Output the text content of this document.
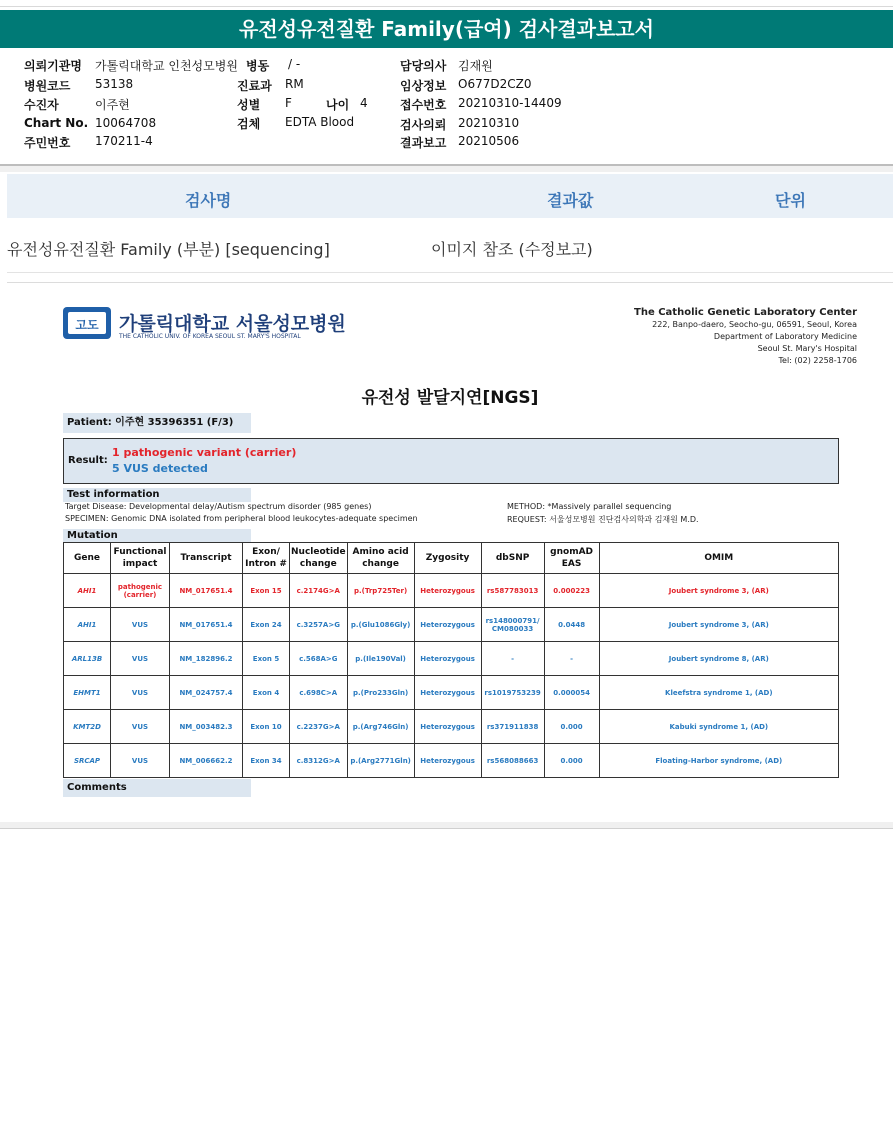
유전성유전질환 Family(급여) 검사결과보고서
의뢰기관명 가톨릭대학교 인천성모병원
병원코드 53138
수진자	이주현
Chart No. 10064708
주민번호 170211-4
병동 / -
진료과 RM
성별 F	나이 4
검체 EDTA Blood
담당의사 김재원
임상정보 O677D2CZ0
접수번호 20210310-14409
검사의뢰 20210310
결과보고 20210506
검사명	결과값	단위
유전성유전질환 Family (부분) [sequencing]	이미지 참조 (수정보고)
고도 가톨릭대학교 서울성모병원
THE CATHOLIC UNIV. OF KOREA SEOUL ST. MARY'S HOSPITAL
The Catholic Genetic Laboratory Center
222, Banpo-daero, Seocho-gu, 06591, Seoul, Korea
Department of Laboratory Medicine
Seoul St. Mary's Hospital
Tel: (02) 2258-1706
유전성 발달지연[NGS]
Patient: 이주현 35396351 (F/3)
Result:
1 pathogenic variant (carrier)
5 VUS detected
Test information
Target Disease: Developmental delay/Autism spectrum disorder (985 genes)
SPECIMEN: Genomic DNA isolated from peripheral blood leukocytes-adequate specimen
METHOD: *Massively parallel sequencing
REQUEST: 서울성모병원 진단검사의학과 김재원 M.D.
Mutation
Gene	Functional impact	Transcript	Exon/ Intron #	Nucleotide change	Amino acid change	Zygosity	dbSNP	gnomAD EAS	OMIM
AHI1	pathogenic (carrier)	NM_017651.4	Exon 15	c.2174G>A	p.(Trp725Ter)	Heterozygous	rs587783013	0.000223	Joubert syndrome 3, (AR)
AHI1	VUS	NM_017651.4	Exon 24	c.3257A>G	p.(Glu1086Gly)	Heterozygous	rs148000791/ CM080033	0.0448	Joubert syndrome 3, (AR)
ARL13B	VUS	NM_182896.2	Exon 5	c.568A>G	p.(Ile190Val)	Heterozygous	-	-	Joubert syndrome 8, (AR)
EHMT1	VUS	NM_024757.4	Exon 4	c.698C>A	p.(Pro233Gln)	Heterozygous	rs1019753239	0.000054	Kleefstra syndrome 1, (AD)
KMT2D	VUS	NM_003482.3	Exon 10	c.2237G>A	p.(Arg746Gln)	Heterozygous	rs371911838	0.000	Kabuki syndrome 1, (AD)
SRCAP	VUS	NM_006662.2	Exon 34	c.8312G>A	p.(Arg2771Gln)	Heterozygous	rs568088663	0.000	Floating-Harbor syndrome, (AD)
Comments
